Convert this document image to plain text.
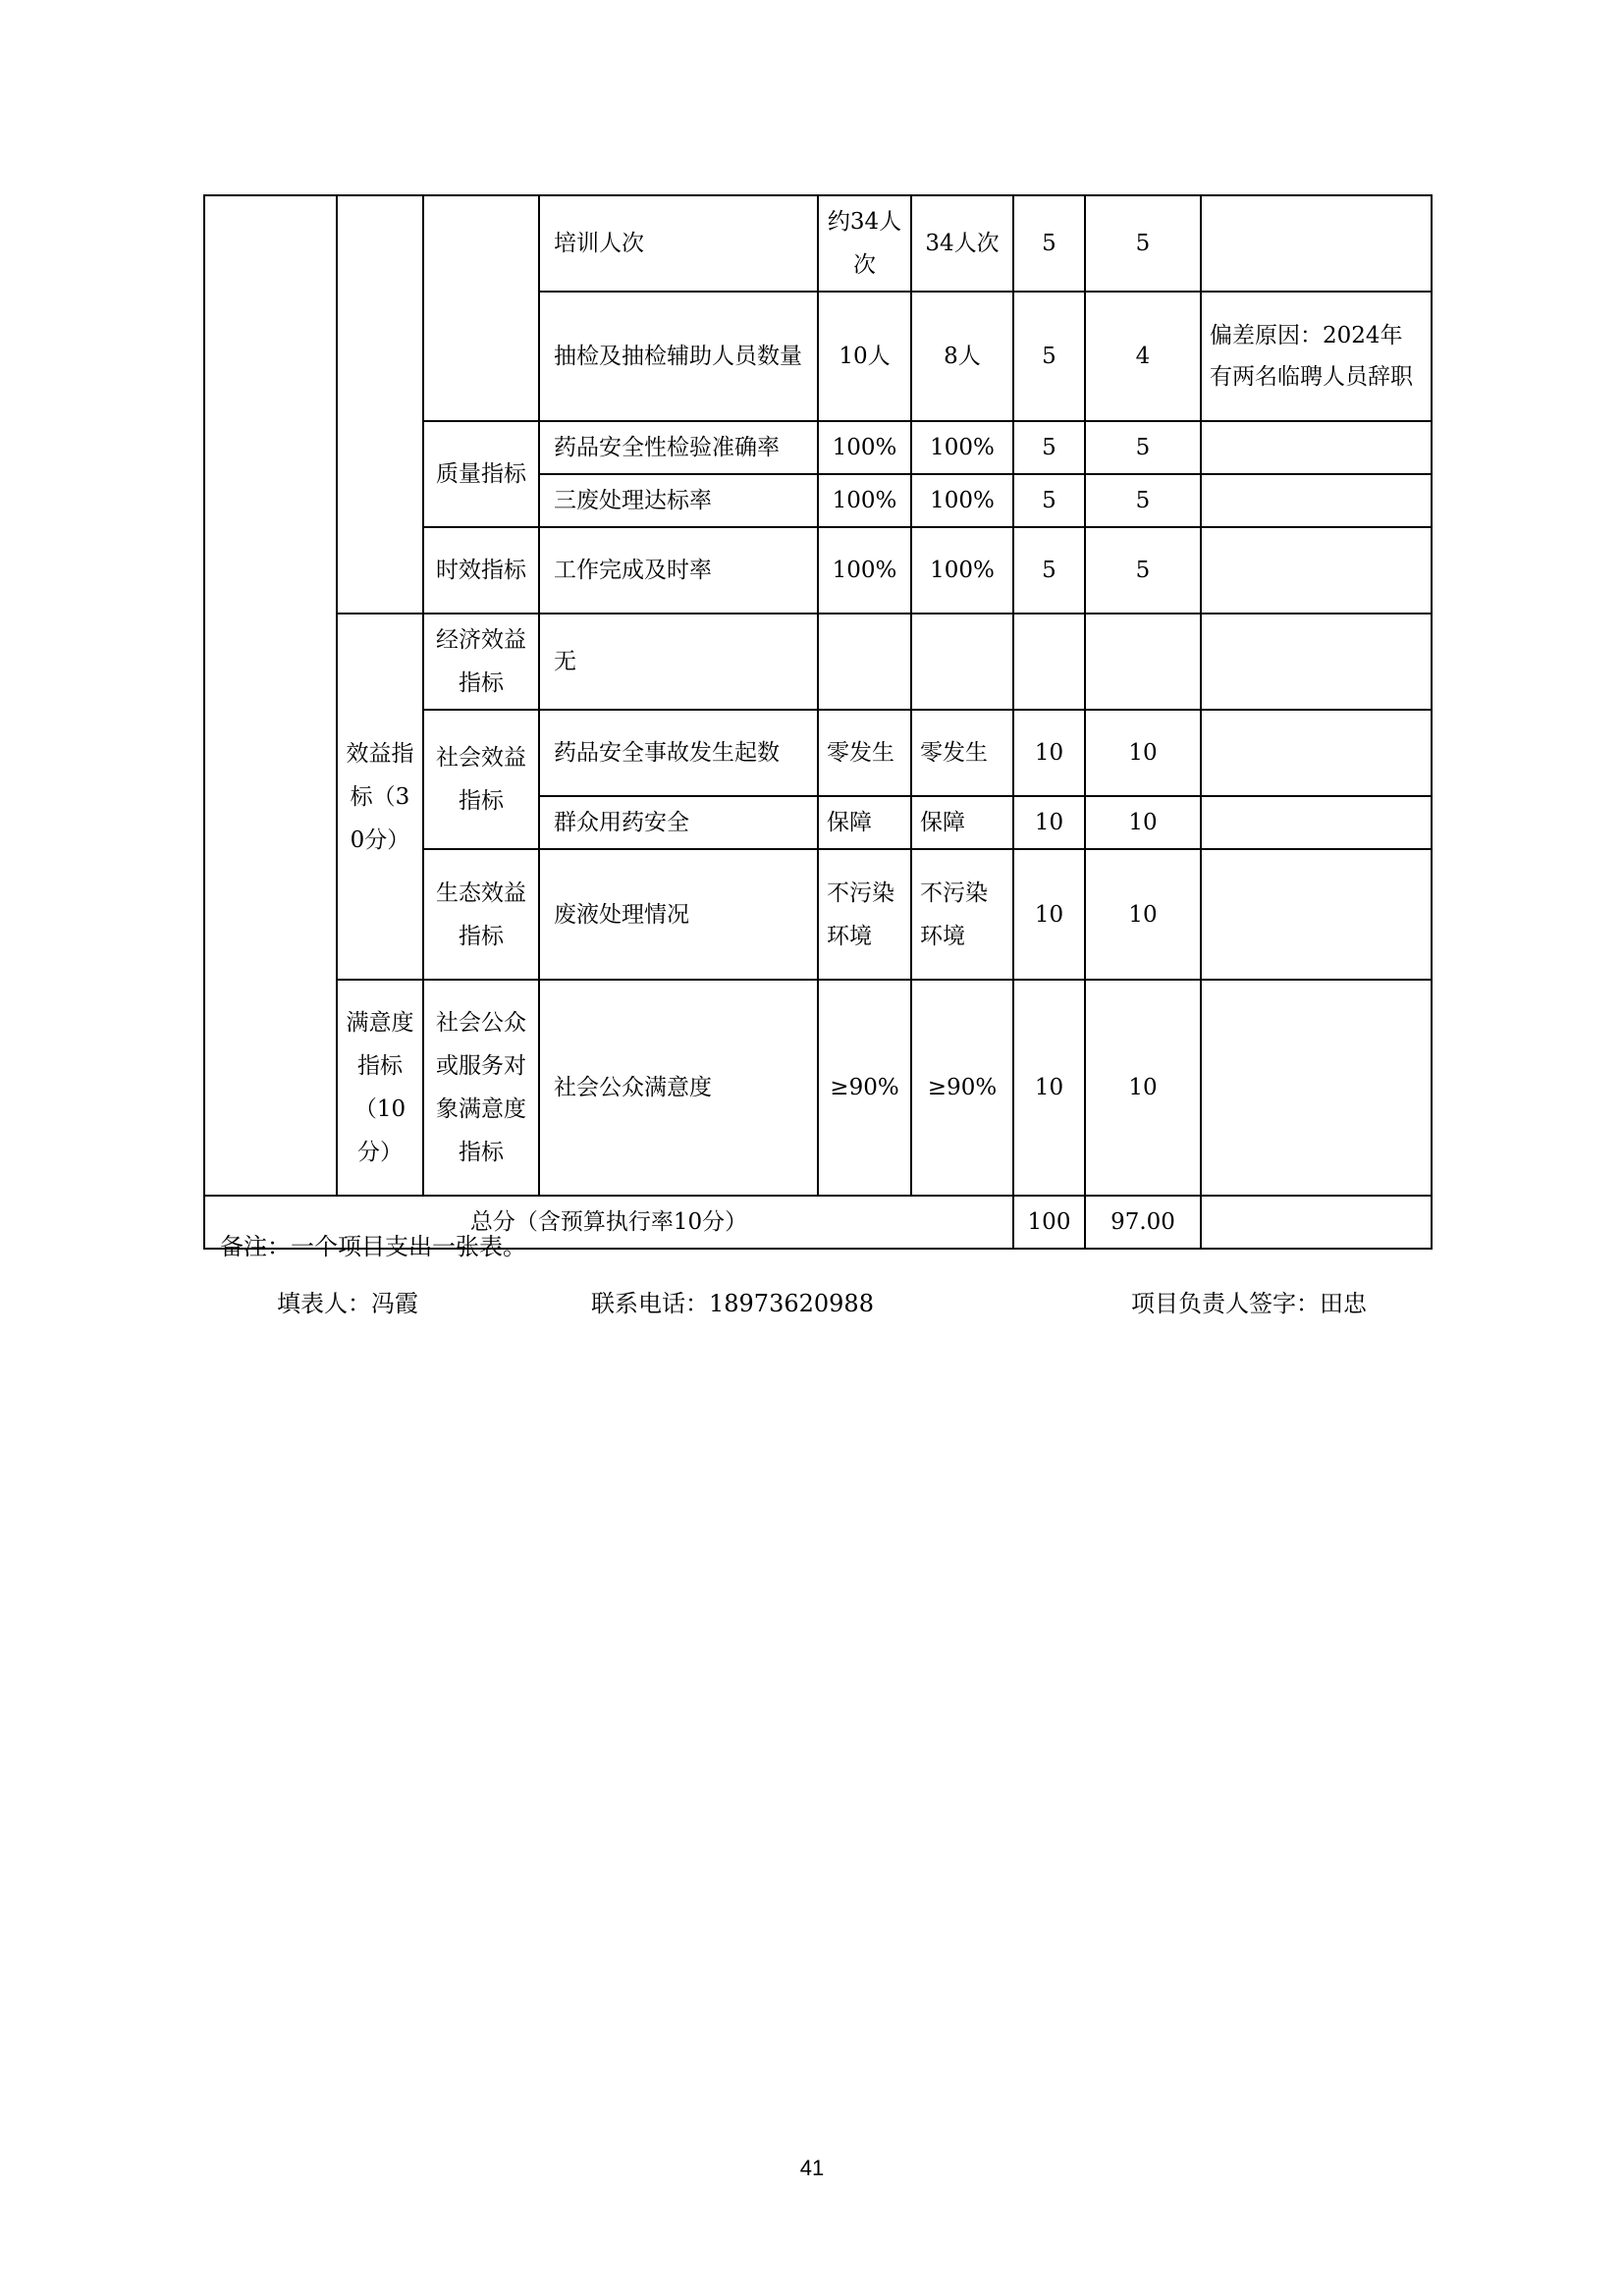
			培训人次	约34人次	34人次	5	5	
			抽检及抽检辅助人员数量	10人	8人	5	4	偏差原因：2024年有两名临聘人员辞职
		质量指标	药品安全性检验准确率	100%	100%	5	5	
			三废处理达标率	100%	100%	5	5	
		时效指标	工作完成及时率	100%	100%	5	5	
	效益指标（30分）	经济效益指标	无					
		社会效益指标	药品安全事故发生起数	零发生	零发生	10	10	
			群众用药安全	保障	保障	10	10	
		生态效益指标	废液处理情况	不污染环境	不污染环境	10	10	
	满意度指标（10分）	社会公众或服务对象满意度指标	社会公众满意度	≥90%	≥90%	10	10	
总分（含预算执行率10分）						100	97.00	
备注：一个项目支出一张表。
填表人：冯霞	联系电话：18973620988	项目负责人签字：田忠
41
